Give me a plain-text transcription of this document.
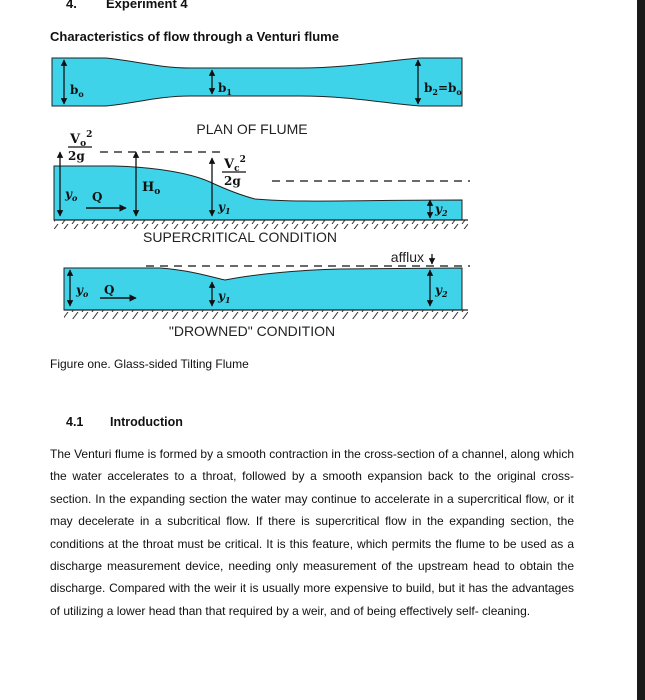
4. Experiment 4
Characteristics of flow through a Venturi flume
$b_o$	$b_1$	$b_2=b_o$
PLAN OF FLUME
$V_o^2$
2g
$V_c^2$
2g
$H_o$
$y_o$ Q
$y_1$	$y_2$
SUPERCRITICAL CONDITION
afflux
$y_o$ Q	$y_1$
$y_2$
"DROWNED" CONDITION
Figure one. Glass-sided Tilting Flume
4.1 Introduction
The Venturi flume is formed by a smooth contraction in the cross-section of a channel, along which the water accelerates to a throat, followed by a smooth expansion back to the original cross-section. In the expanding section the water may continue to accelerate in a supercritical flow, or it may decelerate in a subcritical flow. If there is supercritical flow in the expanding section, the conditions at the throat must be critical. It is this feature, which permits the flume to be used as a discharge measurement device, needing only measurement of the upstream head to obtain the discharge. Compared with the weir it is usually more expensive to build, but it has the advantages of utilizing a lower head than that required by a weir, and of being effectively self- cleaning.
